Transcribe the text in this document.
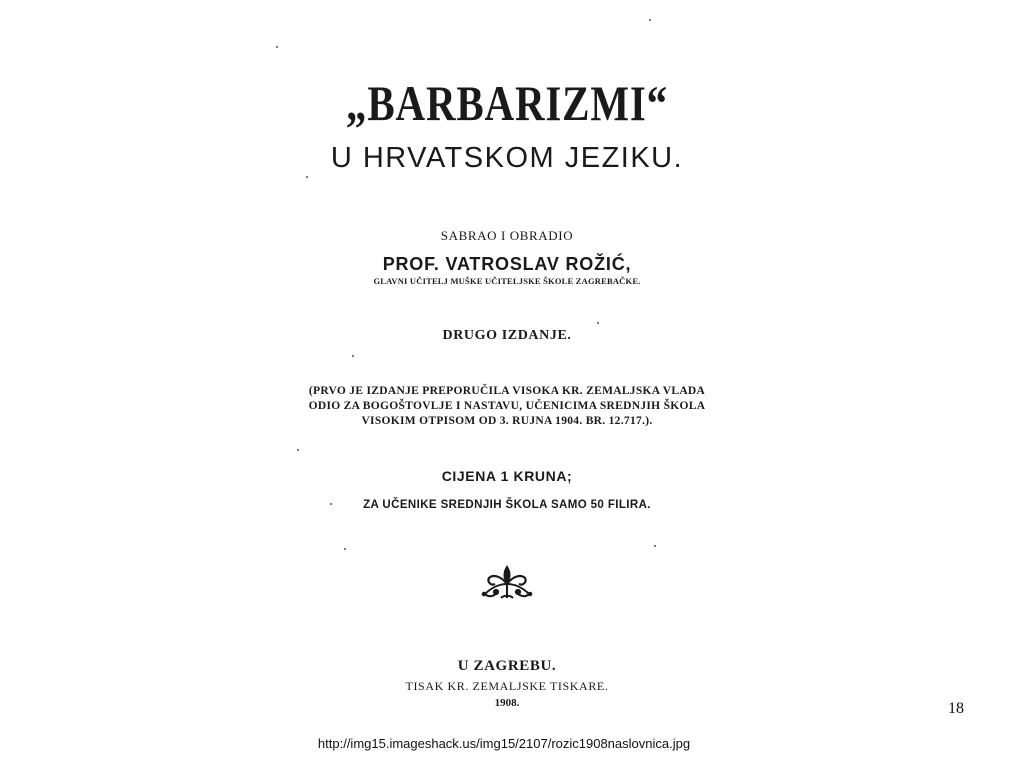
„BARBARIZMI“
U HRVATSKOM JEZIKU.
SABRAO I OBRADIO
PROF. VATROSLAV ROŽIĆ,
GLAVNI UČITELJ MUŠKE UČITELJSKE ŠKOLE ZAGREBAČKE.
DRUGO IZDANJE.
(PRVO JE IZDANJE PREPORUČILA VISOKA KR. ZEMALJSKA VLADA
ODIO ZA BOGOŠTOVLJE I NASTAVU, UČENICIMA SREDNJIH ŠKOLA
VISOKIM OTPISOM OD 3. RUJNA 1904. BR. 12.717.).
CIJENA 1 KRUNA;
ZA UČENIKE SREDNJIH ŠKOLA SAMO 50 FILIRA.
U ZAGREBU.
TISAK KR. ZEMALJSKE TISKARE.
1908.	18
http://img15.imageshack.us/img15/2107/rozic1908naslovnica.jpg
